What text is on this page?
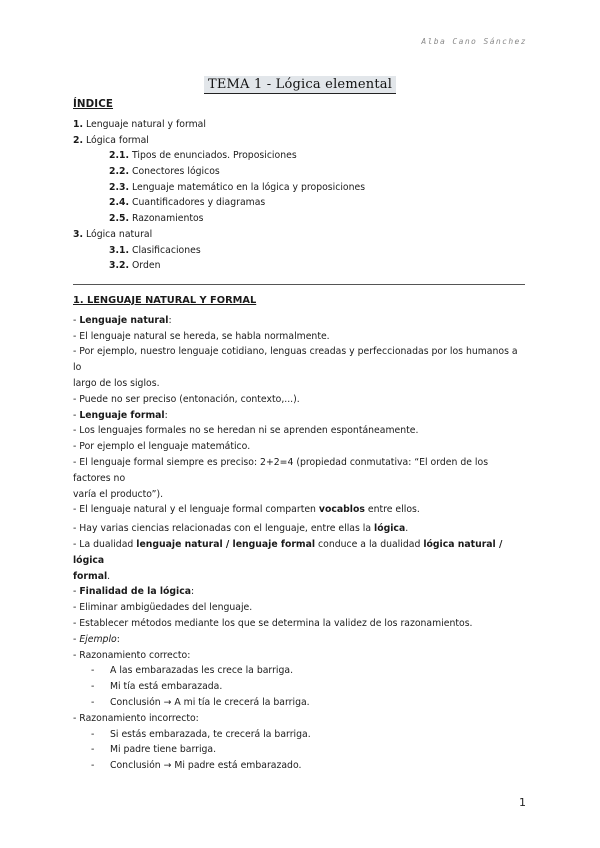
Alba Cano Sánchez
TEMA 1 - Lógica elemental
ÍNDICE
1. Lenguaje natural y formal
2. Lógica formal
2.1. Tipos de enunciados. Proposiciones
2.2. Conectores lógicos
2.3. Lenguaje matemático en la lógica y proposiciones
2.4. Cuantificadores y diagramas
2.5. Razonamientos
3. Lógica natural
3.1. Clasificaciones
3.2. Orden
1. LENGUAJE NATURAL Y FORMAL
- Lenguaje natural:
- El lenguaje natural se hereda, se habla normalmente.
- Por ejemplo, nuestro lenguaje cotidiano, lenguas creadas y perfeccionadas por los humanos a lo
largo de los siglos.
- Puede no ser preciso (entonación, contexto,...).
- Lenguaje formal:
- Los lenguajes formales no se heredan ni se aprenden espontáneamente.
- Por ejemplo el lenguaje matemático.
- El lenguaje formal siempre es preciso: 2+2=4 (propiedad conmutativa: “El orden de los factores no
varía el producto”).
- El lenguaje natural y el lenguaje formal comparten vocablos entre ellos.
- Hay varias ciencias relacionadas con el lenguaje, entre ellas la lógica.
- La dualidad lenguaje natural / lenguaje formal conduce a la dualidad lógica natural / lógica
formal.
- Finalidad de la lógica:
- Eliminar ambigüedades del lenguaje.
- Establecer métodos mediante los que se determina la validez de los razonamientos.
- Ejemplo:
- Razonamiento correcto:
- A las embarazadas les crece la barriga.
- Mi tía está embarazada.
- Conclusión → A mi tía le crecerá la barriga.
- Razonamiento incorrecto:
- Si estás embarazada, te crecerá la barriga.
- Mi padre tiene barriga.
- Conclusión → Mi padre está embarazado.
1
